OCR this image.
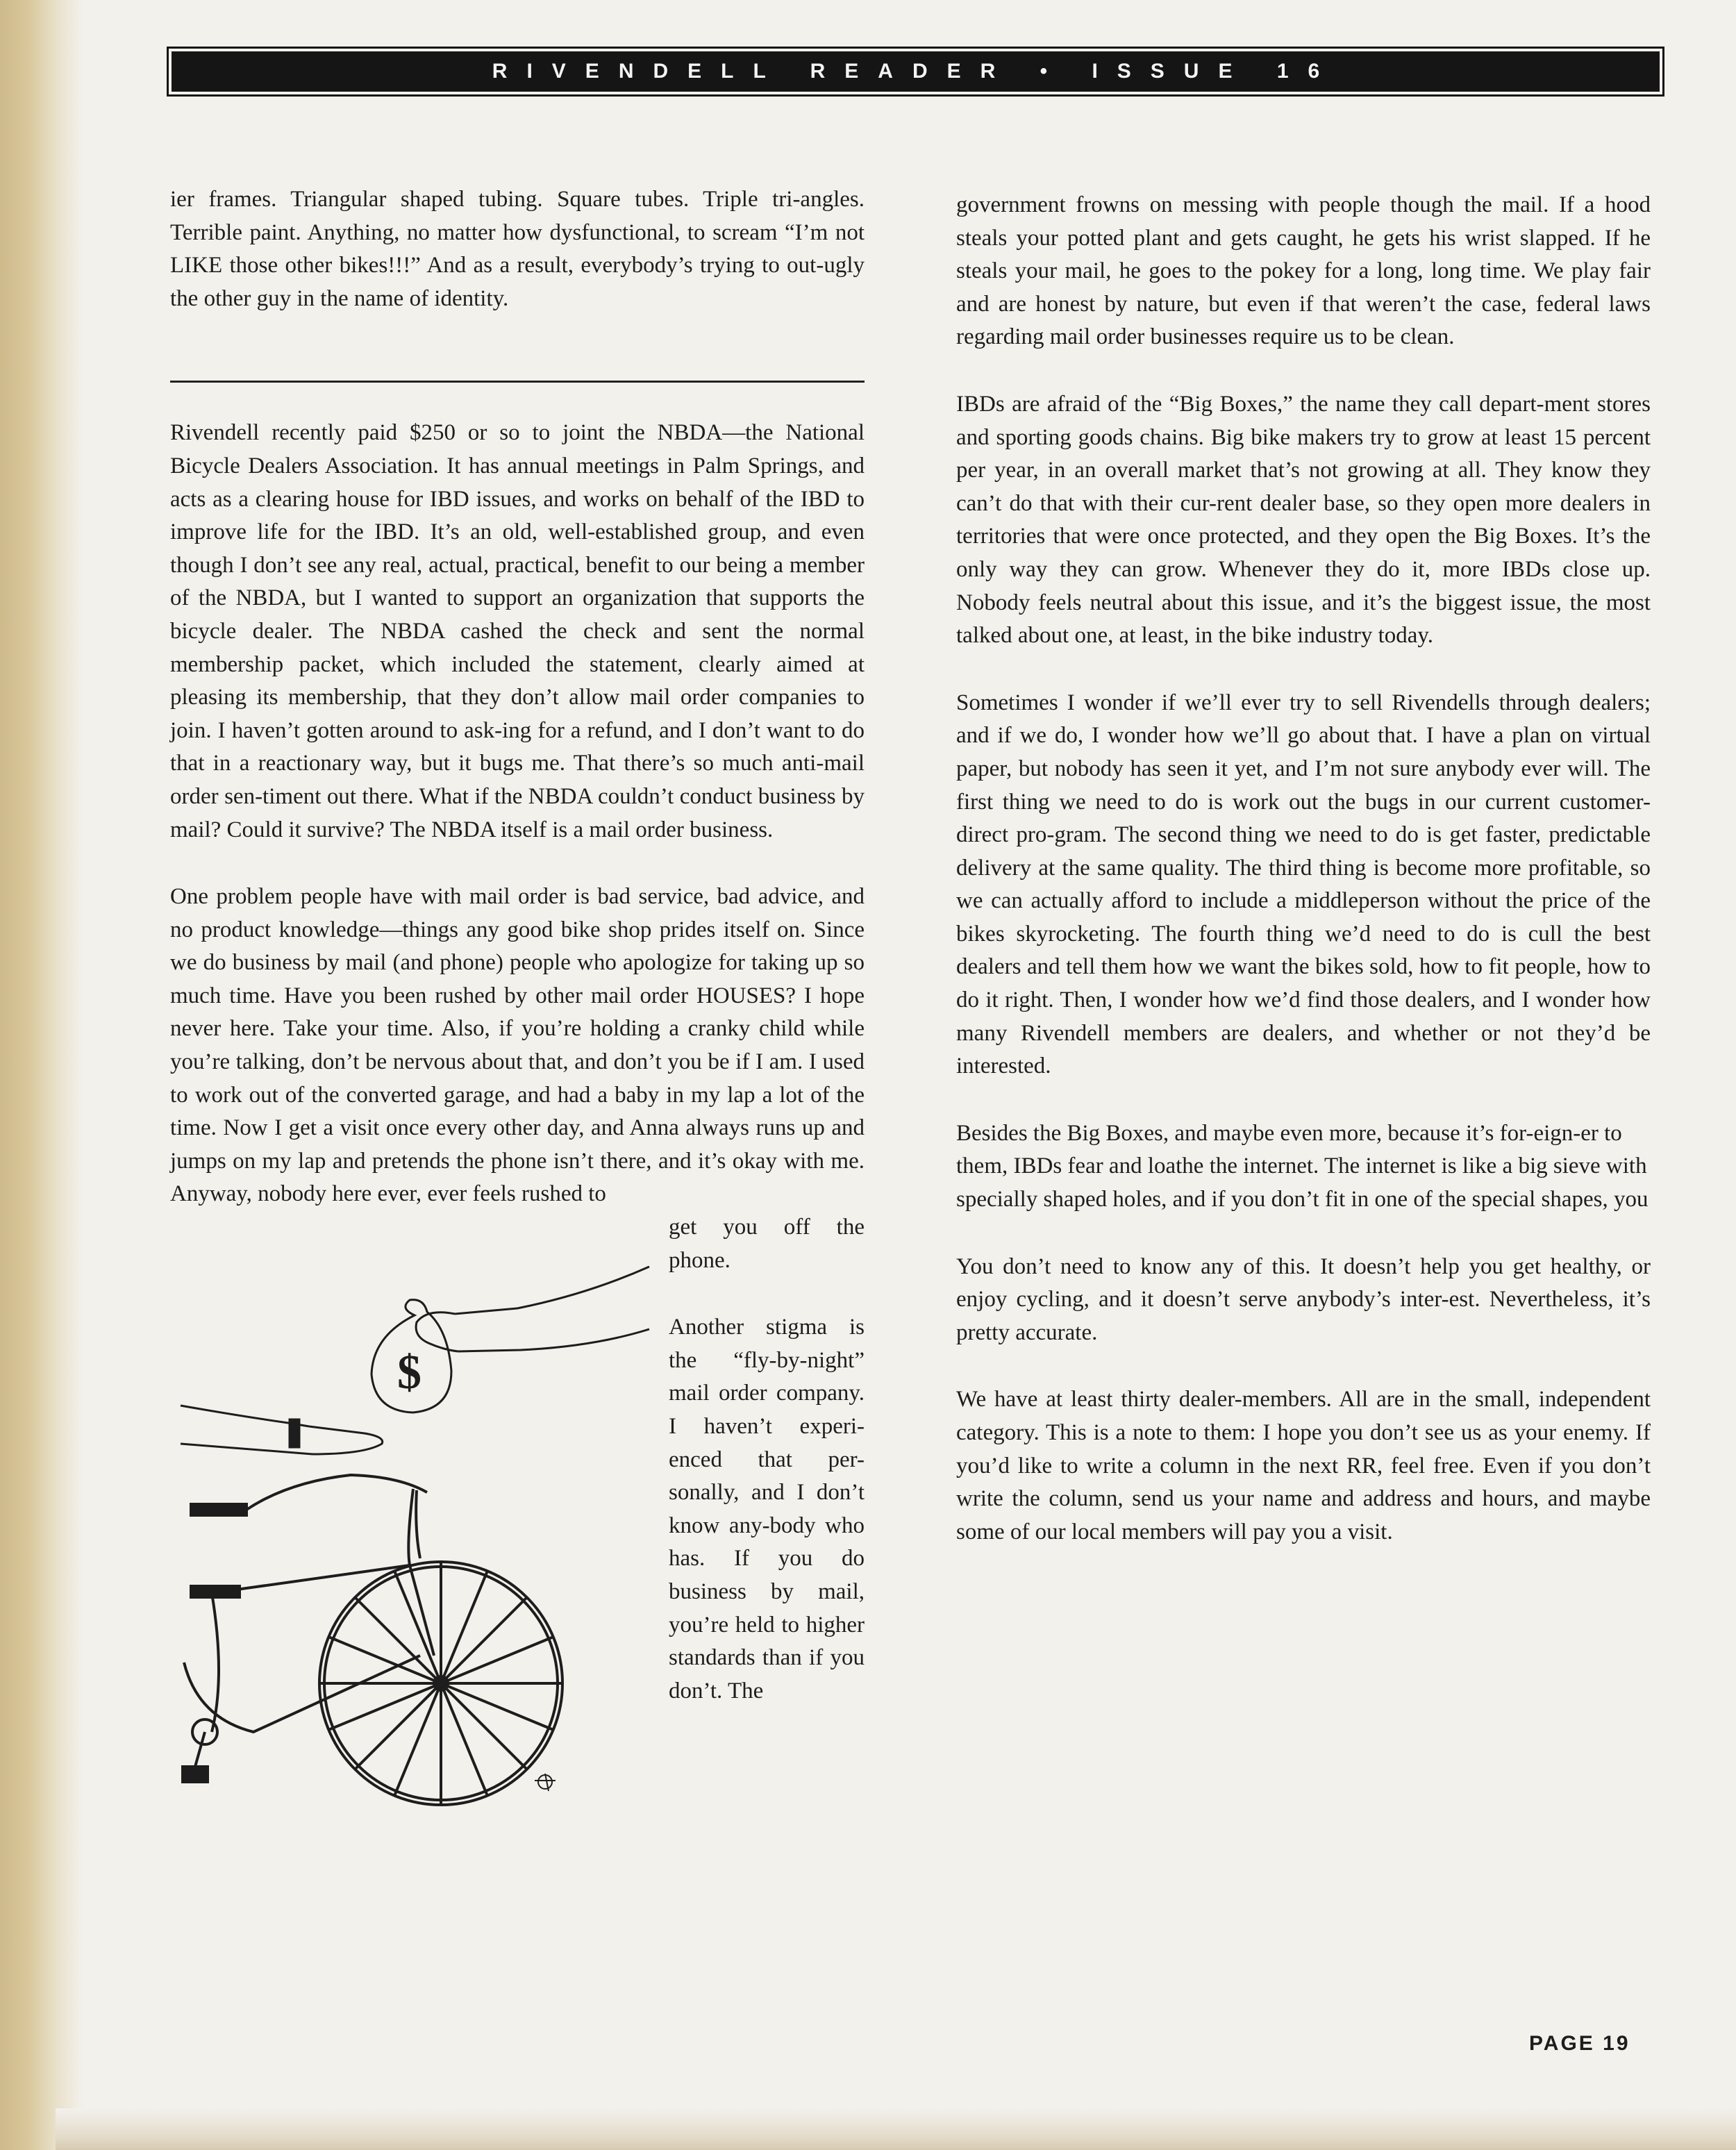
RIVENDELL READER • ISSUE 16

ier frames. Triangular shaped tubing. Square tubes. Triple tri-angles. Terrible paint. Anything, no matter how dysfunctional, to scream “I’m not LIKE those other bikes!!!” And as a result, everybody’s trying to out-ugly the other guy in the name of identity.

Rivendell recently paid $250 or so to joint the NBDA—the National Bicycle Dealers Association. It has annual meetings in Palm Springs, and acts as a clearing house for IBD issues, and works on behalf of the IBD to improve life for the IBD. It’s an old, well-established group, and even though I don’t see any real, actual, practical, benefit to our being a member of the NBDA, but I wanted to support an organization that supports the bicycle dealer. The NBDA cashed the check and sent the normal membership packet, which included the statement, clearly aimed at pleasing its membership, that they don’t allow mail order companies to join. I haven’t gotten around to ask-ing for a refund, and I don’t want to do that in a reactionary way, but it bugs me. That there’s so much anti-mail order sen-timent out there. What if the NBDA couldn’t conduct business by mail? Could it survive? The NBDA itself is a mail order business.

One problem people have with mail order is bad service, bad advice, and no product knowledge—things any good bike shop prides itself on. Since we do business by mail (and phone) people who apologize for taking up so much time. Have you been rushed by other mail order HOUSES? I hope never here. Take your time. Also, if you’re holding a cranky child while you’re talking, don’t be nervous about that, and don’t you be if I am. I used to work out of the converted garage, and had a baby in my lap a lot of the time. Now I get a visit once every other day, and Anna always runs up and jumps on my lap and pretends the phone isn’t there, and it’s okay with me. Anyway, nobody here ever, ever feels rushed to

$

get you off the phone.

Another stigma is the “fly-by-night” mail order company. I haven’t experi-enced that per-sonally, and I don’t know any-body who has. If you do business by mail, you’re held to higher standards than if you don’t. The

government frowns on messing with people though the mail. If a hood steals your potted plant and gets caught, he gets his wrist slapped. If he steals your mail, he goes to the pokey for a long, long time. We play fair and are honest by nature, but even if that weren’t the case, federal laws regarding mail order businesses require us to be clean.

IBDs are afraid of the “Big Boxes,” the name they call depart-ment stores and sporting goods chains. Big bike makers try to grow at least 15 percent per year, in an overall market that’s not growing at all. They know they can’t do that with their cur-rent dealer base, so they open more dealers in territories that were once protected, and they open the Big Boxes. It’s the only way they can grow. Whenever they do it, more IBDs close up. Nobody feels neutral about this issue, and it’s the biggest issue, the most talked about one, at least, in the bike industry today.

Sometimes I wonder if we’ll ever try to sell Rivendells through dealers; and if we do, I wonder how we’ll go about that. I have a plan on virtual paper, but nobody has seen it yet, and I’m not sure anybody ever will. The first thing we need to do is work out the bugs in our current customer-direct pro-gram. The second thing we need to do is get faster, predictable delivery at the same quality. The third thing is become more profitable, so we can actually afford to include a middleperson without the price of the bikes skyrocketing. The fourth thing we’d need to do is cull the best dealers and tell them how we want the bikes sold, how to fit people, how to do it right. Then, I wonder how we’d find those dealers, and I wonder how many Rivendell members are dealers, and whether or not they’d be interested.

Besides the Big Boxes, and maybe even more, because it’s for-eign-er to them, IBDs fear and loathe the internet. The internet is like a big sieve with specially shaped holes, and if you don’t fit in one of the special shapes, you

You don’t need to know any of this. It doesn’t help you get healthy, or enjoy cycling, and it doesn’t serve anybody’s inter-est. Nevertheless, it’s pretty accurate.

We have at least thirty dealer-members. All are in the small, independent category. This is a note to them: I hope you don’t see us as your enemy. If you’d like to write a column in the next RR, feel free. Even if you don’t write the column, send us your name and address and hours, and maybe some of our local members will pay you a visit.

PAGE 19
